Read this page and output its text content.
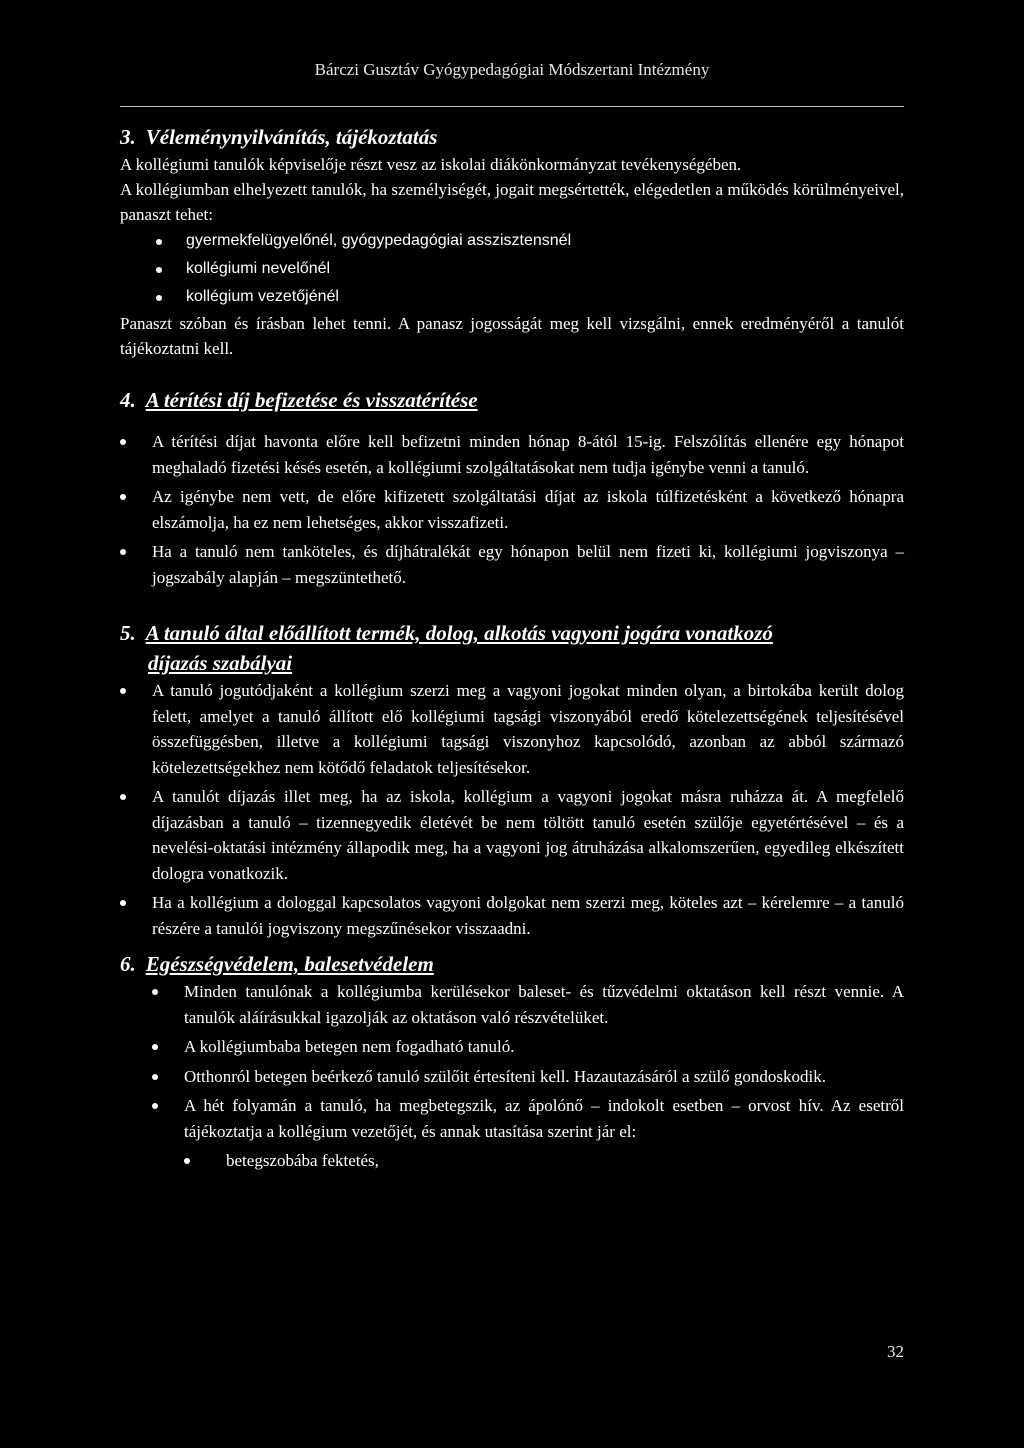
Bárczi Gusztáv Gyógypedagógiai Módszertani Intézmény
3. Véleménynyilvánítás, tájékoztatás

A kollégiumi tanulók képviselője részt vesz az iskolai diákönkormányzat tevékenységében.

A kollégiumban elhelyezett tanulók, ha személyiségét, jogait megsértették, elégedetlen a működés körülményeivel, panaszt tehet:

gyermekfelügyelőnél, gyógypedagógiai asszisztensnél
kollégiumi nevelőnél
kollégium vezetőjénél

Panaszt szóban és írásban lehet tenni. A panasz jogosságát meg kell vizsgálni, ennek eredményéről a tanulót tájékoztatni kell.

4. A térítési díj befizetése és visszatérítése
A térítési díjat havonta előre kell befizetni minden hónap 8-ától 15-ig. Felszólítás ellenére egy hónapot meghaladó fizetési késés esetén, a kollégiumi szolgáltatásokat nem tudja igénybe venni a tanuló.
Az igénybe nem vett, de előre kifizetett szolgáltatási díjat az iskola túlfizetésként a következő hónapra elszámolja, ha ez nem lehetséges, akkor visszafizeti.
Ha a tanuló nem tanköteles, és díjhátralékát egy hónapon belül nem fizeti ki, kollégiumi jogviszonya – jogszabály alapján – megszüntethető.
5. A tanuló által előállított termék, dolog, alkotás vagyoni jogára vonatkozó
díjazás szabályai
A tanuló jogutódjaként a kollégium szerzi meg a vagyoni jogokat minden olyan, a birtokába került dolog felett, amelyet a tanuló állított elő kollégiumi tagsági viszonyából eredő kötelezettségének teljesítésével összefüggésben, illetve a kollégiumi tagsági viszonyhoz kapcsolódó, azonban az abból származó kötelezettségekhez nem kötődő feladatok teljesítésekor.
A tanulót díjazás illet meg, ha az iskola, kollégium a vagyoni jogokat másra ruházza át. A megfelelő díjazásban a tanuló – tizennegyedik életévét be nem töltött tanuló esetén szülője egyetértésével – és a nevelési-oktatási intézmény állapodik meg, ha a vagyoni jog átruházása alkalomszerűen, egyedileg elkészített dologra vonatkozik.
Ha a kollégium a dologgal kapcsolatos vagyoni dolgokat nem szerzi meg, köteles azt – kérelemre – a tanuló részére a tanulói jogviszony megszűnésekor visszaadni.
6. Egészségvédelem, balesetvédelem
Minden tanulónak a kollégiumba kerülésekor baleset- és tűzvédelmi oktatáson kell részt vennie. A tanulók aláírásukkal igazolják az oktatáson való részvételüket.
A kollégiumbaba betegen nem fogadható tanuló.
Otthonról betegen beérkező tanuló szülőit értesíteni kell. Hazautazásáról a szülő gondoskodik.
A hét folyamán a tanuló, ha megbetegszik, az ápolónő – indokolt esetben – orvost hív. Az esetről tájékoztatja a kollégium vezetőjét, és annak utasítása szerint jár el:
betegszobába fektetés,
32
